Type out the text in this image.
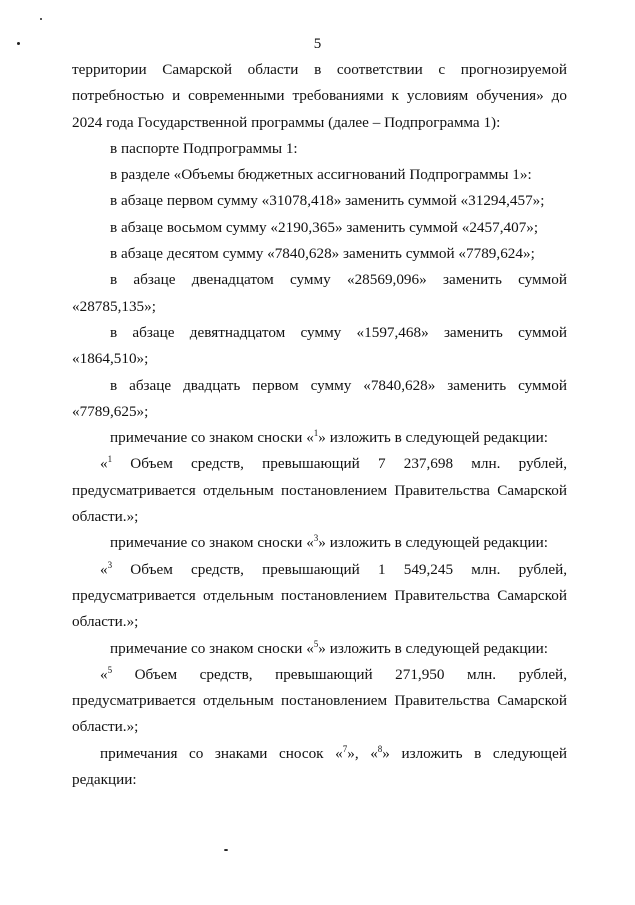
5

территории Самарской области в соответствии с прогнозируемой потребностью и современными требованиями к условиям обучения» до 2024 года Государственной программы (далее – Подпрограмма 1):

в паспорте Подпрограммы 1:

в разделе «Объемы бюджетных ассигнований Подпрограммы 1»:

в абзаце первом сумму «31078,418» заменить суммой «31294,457»;

в абзаце восьмом сумму «2190,365» заменить суммой «2457,407»;

в абзаце десятом сумму «7840,628» заменить суммой «7789,624»;

в абзаце двенадцатом сумму «28569,096» заменить суммой «28785,135»;

в абзаце девятнадцатом сумму «1597,468» заменить суммой «1864,510»;

в абзаце двадцать первом сумму «7840,628» заменить суммой «7789,625»;

примечание со знаком сноски «$^1$» изложить в следующей редакции:

«$^1$ Объем средств, превышающий 7 237,698 млн. рублей, предусматривается отдельным постановлением Правительства Самарской области.»;

примечание со знаком сноски «$^3$» изложить в следующей редакции:

«$^3$ Объем средств, превышающий 1 549,245 млн. рублей, предусматривается отдельным постановлением Правительства Самарской области.»;

примечание со знаком сноски «$^5$» изложить в следующей редакции:

«$^5$ Объем средств, превышающий 271,950 млн. рублей, предусматривается отдельным постановлением Правительства Самарской области.»;

примечания со знаками сносок «$^7$», «$^8$» изложить в следующей редакции:
